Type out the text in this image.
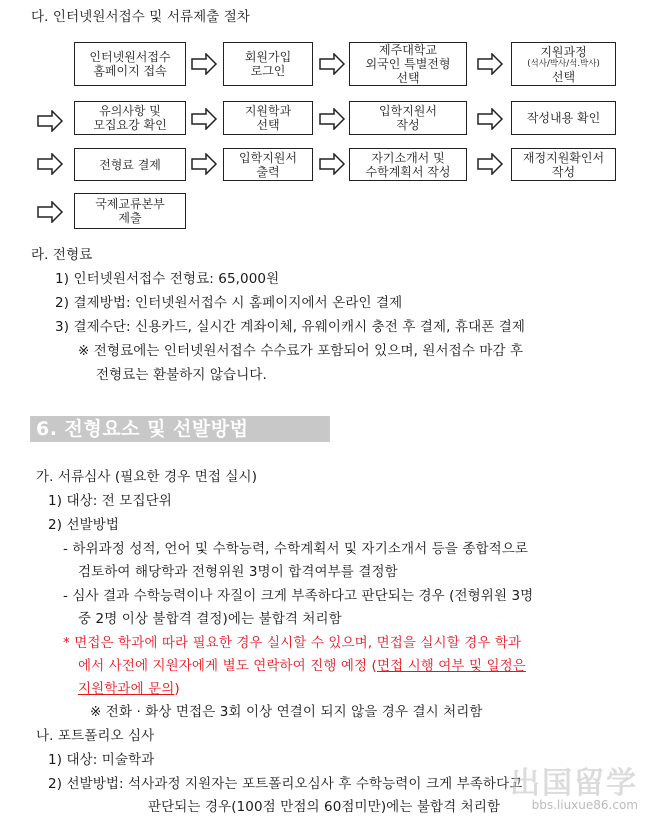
다. 인터넷원서접수 및 서류제출 절차
인터넷원서접수
홈페이지 접속
회원가입
로그인
제주대학교
외국인 특별전형
선택
지원과정
(석사/박사/석.박사)
선택
유의사항 및
모집요강 확인
지원학과
선택
입학지원서
작성	작성내용 확인
전형료 결제	입학지원서
출력
자기소개서 및
수학계획서 작성
재정지원확인서
작성
국제교류본부
제출
라. 전형료
1) 인터넷원서접수 전형료: 65,000원
2) 결제방법: 인터넷원서접수 시 홈페이지에서 온라인 결제
3) 결제수단: 신용카드, 실시간 계좌이체, 유웨이캐시 충전 후 결제, 휴대폰 결제
※ 전형료에는 인터넷원서접수 수수료가 포함되어 있으며, 원서접수 마감 후
전형료는 환불하지 않습니다.
6. 전형요소 및 선발방법
가. 서류심사 (필요한 경우 면접 실시)
1) 대상: 전 모집단위
2) 선발방법
- 하위과정 성적, 언어 및 수학능력, 수학계획서 및 자기소개서 등을 종합적으로
검토하여 해당학과 전형위원 3명이 합격여부를 결정함
- 심사 결과 수학능력이나 자질이 크게 부족하다고 판단되는 경우 (전형위원 3명
중 2명 이상 불합격 결정)에는 불합격 처리함
* 면접은 학과에 따라 필요한 경우 실시할 수 있으며, 면접을 실시할 경우 학과
에서 사전에 지원자에게 별도 연락하여 진행 예정 (면접 시행 여부 및 일정은
지원학과에 문의)
※ 전화 · 화상 면접은 3회 이상 연결이 되지 않을 경우 결시 처리함
나. 포트폴리오 심사
1) 대상: 미술학과
2) 선발방법: 석사과정 지원자는 포트폴리오심사 후 수학능력이 크게 부족하다고
판단되는 경우(100점 만점의 60점미만)에는 불합격 처리함
出国留学
bbs.liuxue86.com
